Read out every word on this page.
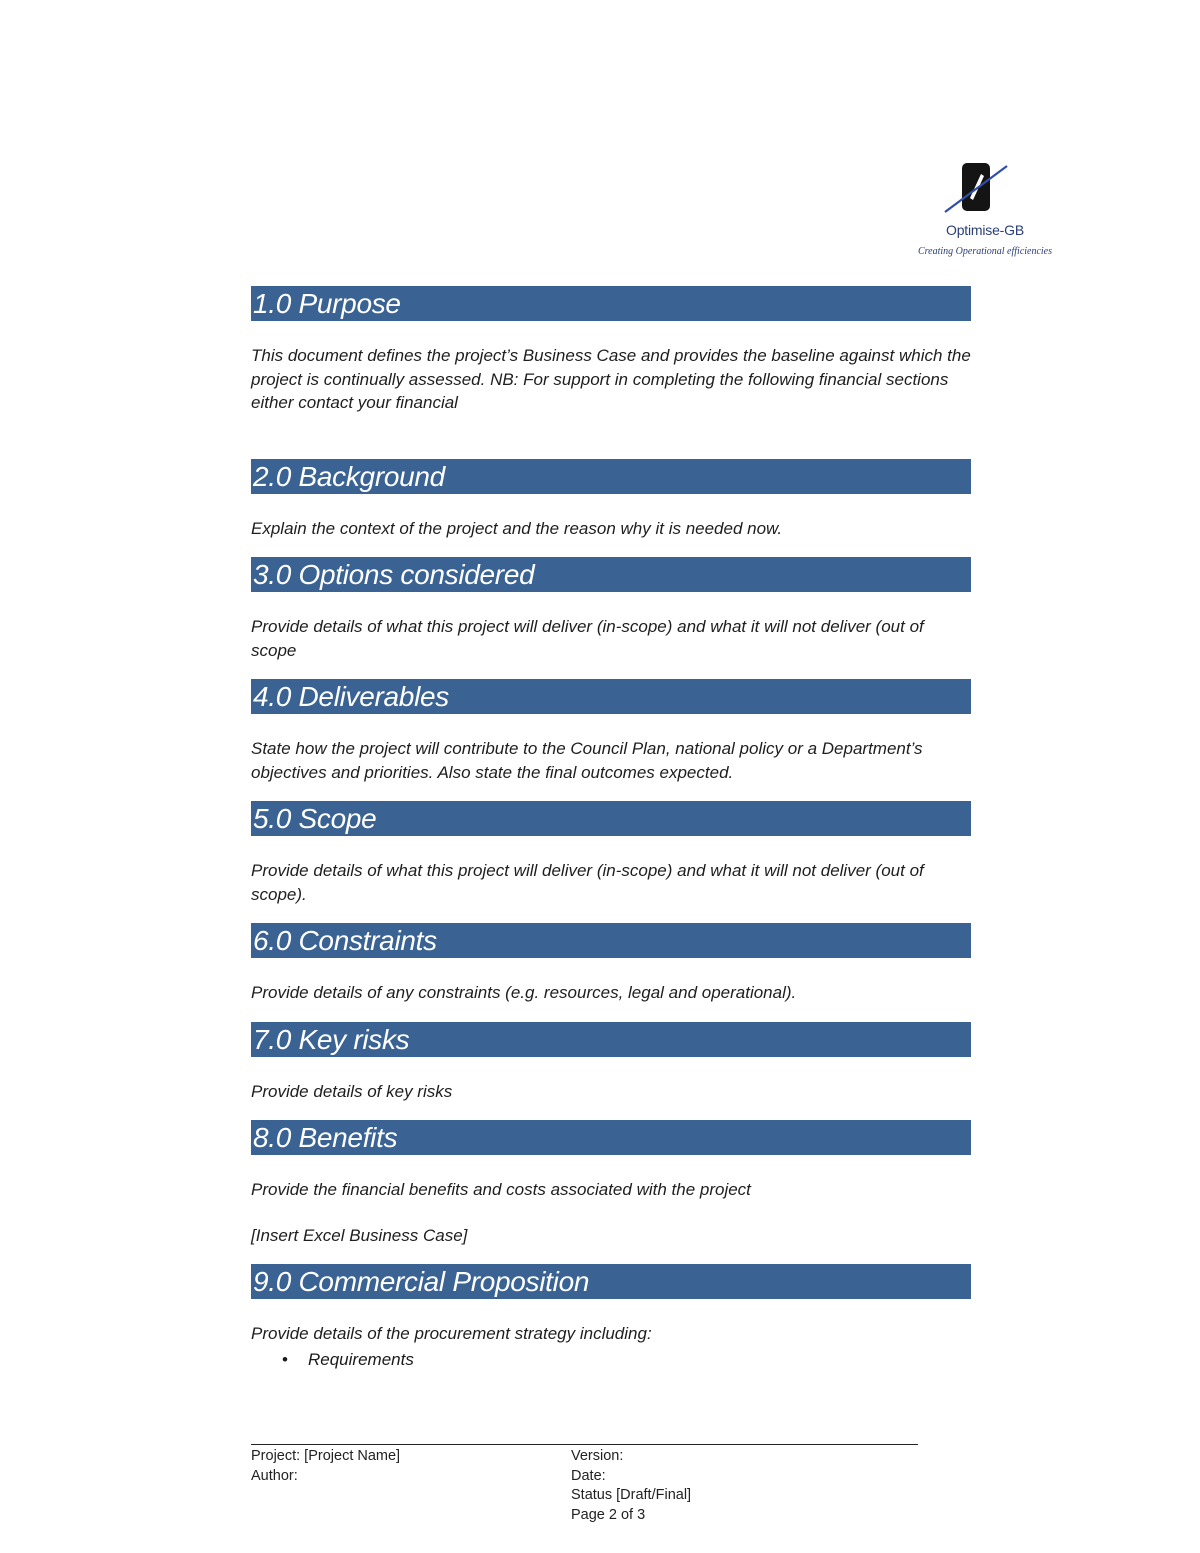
Optimise-GB
Creating Operational efficiencies
1.0 Purpose

This document defines the project’s Business Case and provides the baseline against which the project is continually assessed. NB: For support in completing the following financial sections either contact your financial

2.0 Background

Explain the context of the project and the reason why it is needed now.

3.0 Options considered

Provide details of what this project will deliver (in-scope) and what it will not deliver (out of scope

4.0 Deliverables

State how the project will contribute to the Council Plan, national policy or a Department’s objectives and priorities. Also state the final outcomes expected.

5.0 Scope

Provide details of what this project will deliver (in-scope) and what it will not deliver (out of scope).

6.0 Constraints

Provide details of any constraints (e.g. resources, legal and operational).

7.0 Key risks

Provide details of key risks

8.0 Benefits

Provide the financial benefits and costs associated with the project

[Insert Excel Business Case]

9.0 Commercial Proposition

Provide details of the procurement strategy including:

• Requirements
Project: [Project Name]
Author:
Version:
Date:
Status [Draft/Final]
Page 2 of 3
